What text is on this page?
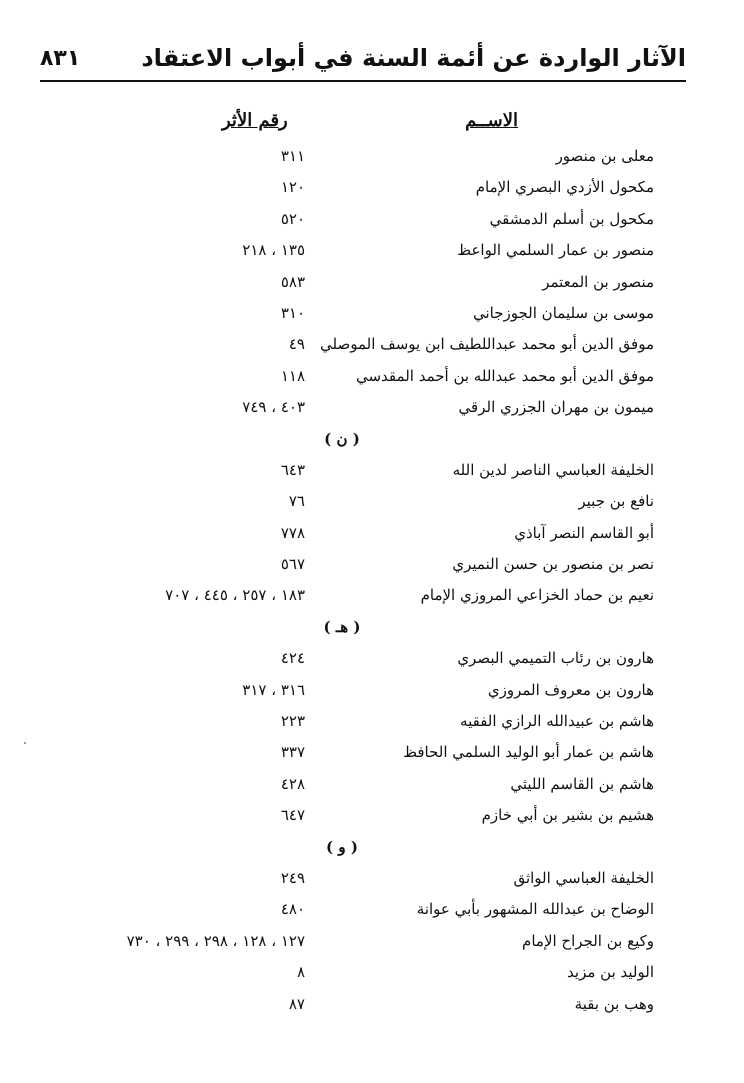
٨٣١	الآثار الواردة عن أئمة السنة في أبواب الاعتقاد
الاســم
رقم الأثر
معلى بن منصور
٣١١
مكحول الأزدي البصري الإمام
١٢٠
مكحول بن أسلم الدمشقي
٥٢٠
منصور بن عمار السلمي الواعظ
١٣٥ ، ٢١٨
منصور بن المعتمر
٥٨٣
موسى بن سليمان الجوزجاني
٣١٠
موفق الدين أبو محمد عبداللطيف ابن يوسف الموصلي
٤٩
موفق الدين أبو محمد عبدالله بن أحمد المقدسي
١١٨
ميمون بن مهران الجزري الرقي
٤٠٣ ، ٧٤٩
( ن )
الخليفة العباسي الناصر لدين الله
٦٤٣
نافع بن جبير
٧٦
أبو القاسم النصر آباذي
٧٧٨
نصر بن منصور بن حسن النميري
٥٦٧
نعيم بن حماد الخزاعي المروزي الإمام
١٨٣ ، ٢٥٧ ، ٤٤٥ ، ٧٠٧
( هـ )
هارون بن رئاب التميمي البصري
٤٢٤
هارون بن معروف المروزي
٣١٦ ، ٣١٧
هاشم بن عبيدالله الرازي الفقيه
٢٢٣
هاشم بن عمار أبو الوليد السلمي الحافظ
٣٣٧
هاشم بن القاسم الليثي
٤٢٨
هشيم بن بشير بن أبي خازم
٦٤٧
( و )
الخليفة العباسي الواثق
٢٤٩
الوضاح بن عبدالله المشهور بأبي عوانة
٤٨٠
وكيع بن الجراح الإمام
١٢٧ ، ١٢٨ ، ٢٩٨ ، ٢٩٩ ، ٧٣٠
الوليد بن مزيد
٨
وهب بن بقية
٨٧
